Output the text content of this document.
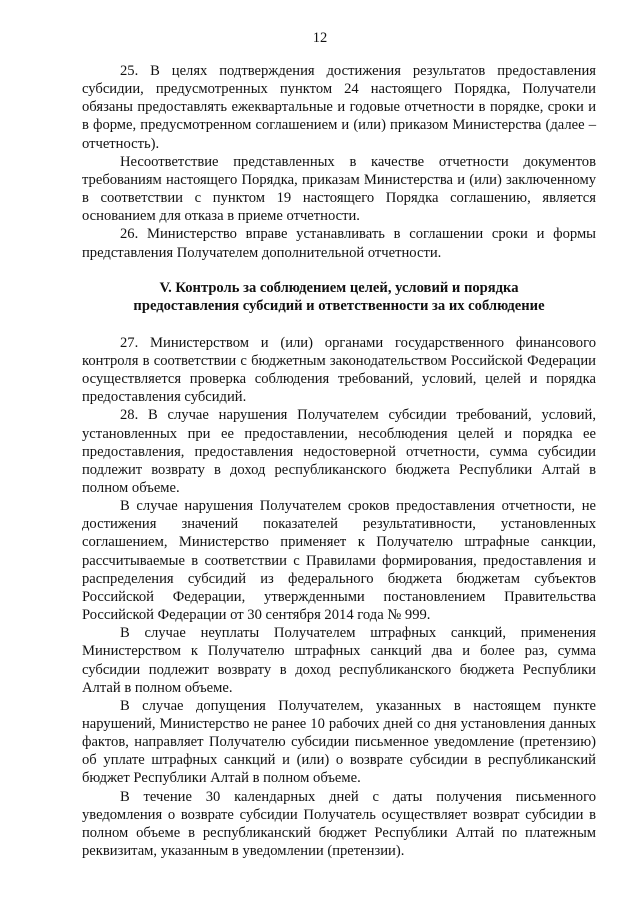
12

25. В целях подтверждения достижения результатов предоставления субсидии, предусмотренных пунктом 24 настоящего Порядка, Получатели обязаны предоставлять ежеквартальные и годовые отчетности в порядке, сроки и в форме, предусмотренном соглашением и (или) приказом Министерства (далее – отчетность).

Несоответствие представленных в качестве отчетности документов требованиям настоящего Порядка, приказам Министерства и (или) заключенному в соответствии с пунктом 19 настоящего Порядка соглашению, является основанием для отказа в приеме отчетности.

26. Министерство вправе устанавливать в соглашении сроки и формы представления Получателем дополнительной отчетности.

V. Контроль за соблюдением целей, условий и порядка
предоставления субсидий и ответственности за их соблюдение

27. Министерством и (или) органами государственного финансового контроля в соответствии с бюджетным законодательством Российской Федерации осуществляется проверка соблюдения требований, условий, целей и порядка предоставления субсидий.

28. В случае нарушения Получателем субсидии требований, условий, установленных при ее предоставлении, несоблюдения целей и порядка ее предоставления, предоставления недостоверной отчетности, сумма субсидии подлежит возврату в доход республиканского бюджета Республики Алтай в полном объеме.

В случае нарушения Получателем сроков предоставления отчетности, не достижения значений показателей результативности, установленных соглашением, Министерство применяет к Получателю штрафные санкции, рассчитываемые в соответствии с Правилами формирования, предоставления и распределения субсидий из федерального бюджета бюджетам субъектов Российской Федерации, утвержденными постановлением Правительства Российской Федерации от 30 сентября 2014 года № 999.

В случае неуплаты Получателем штрафных санкций, применения Министерством к Получателю штрафных санкций два и более раз, сумма субсидии подлежит возврату в доход республиканского бюджета Республики Алтай в полном объеме.

В случае допущения Получателем, указанных в настоящем пункте нарушений, Министерство не ранее 10 рабочих дней со дня установления данных фактов, направляет Получателю субсидии письменное уведомление (претензию) об уплате штрафных санкций и (или) о возврате субсидии в республиканский бюджет Республики Алтай в полном объеме.

В течение 30 календарных дней с даты получения письменного уведомления о возврате субсидии Получатель осуществляет возврат субсидии в полном объеме в республиканский бюджет Республики Алтай по платежным реквизитам, указанным в уведомлении (претензии).
